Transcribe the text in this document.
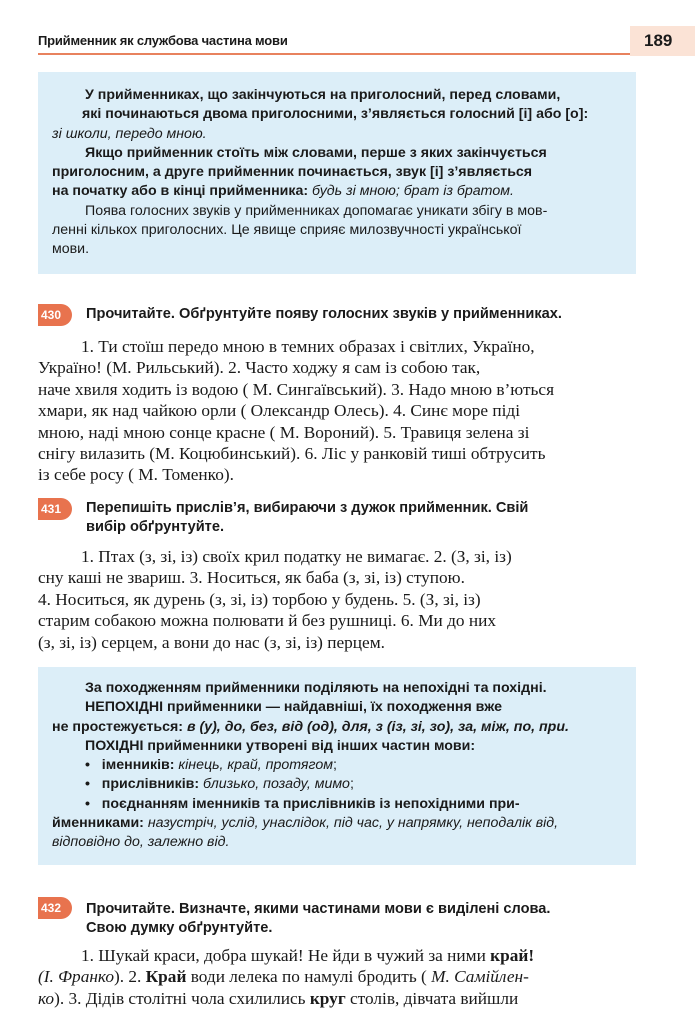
Прийменник як службова частина мови	189

У прийменниках, що закінчуються на приголосний, перед словами,

які починаються двома приголосними, з’являється голосний [і] або [о]:

зі школи, передо мною.

Якщо прийменник стоїть між словами, перше з яких закінчується

приголосним, а друге прийменник починається, звук [і] з’являється

на початку або в кінці прийменника: будь зі мною; брат із братом.

Поява голосних звуків у прийменниках допомагає уникати збігу в мов-

ленні кількох приголосних. Це явище сприяє милозвучності української

мови.

430	Прочитайте. Обґрунтуйте появу голосних звуків у прийменниках.

1. Ти стоїш передо мною в темних образах і світлих, Україно,

Україно! (М. Рильський). 2. Часто ходжу я сам із собою так,

наче хвиля ходить із водою ( М. Сингаївський). 3. Надо мною в’ються

хмари, як над чайкою орли ( Олександр Олесь). 4. Синє море піді

мною, наді мною сонце красне ( М. Вороний). 5. Травиця зелена зі

снігу вилазить (М. Коцюбинський). 6. Ліс у ранковій тиші обтрусить

із себе росу ( М. Томенко).

431	Перепишіть прислів’я, вибираючи з дужок прийменник. Свій
вибір обґрунтуйте.

1. Птах (з, зі, із) своїх крил податку не вимагає. 2. (З, зі, із)

сну каші не звариш. 3. Носиться, як баба (з, зі, із) ступою.

4. Носиться, як дурень (з, зі, із) торбою у будень. 5. (З, зі, із)

старим собакою можна полювати й без рушниці. 6. Ми до них

(з, зі, із) серцем, а вони до нас (з, зі, із) перцем.

За походженням прийменники поділяють на непохідні та похідні.

НЕПОХІДНІ прийменники — найдавніші, їх походження вже

не простежується: в (у), до, без, від (од), для, з (із, зі, зо), за, між, по, при.

ПОХІДНІ прийменники утворені від інших частин мови:

• іменників: кінець, край, протягом;

• прислівників: близько, позаду, мимо;

• поєднанням іменників та прислівників із непохідними при-

йменниками: назустріч, услід, унаслідок, під час, у напрямку, неподалік від,

відповідно до, залежно від.

432	Прочитайте. Визначте, якими частинами мови є виділені слова.
Свою думку обґрунтуйте.

1. Шукай краси, добра шукай! Не йди в чужий за ними край!

(І. Франко). 2. Край води лелека по намулі бродить ( М. Самійлен-

ко). 3. Дідів столітні чола схилились круг столів, дівчата вийшли
